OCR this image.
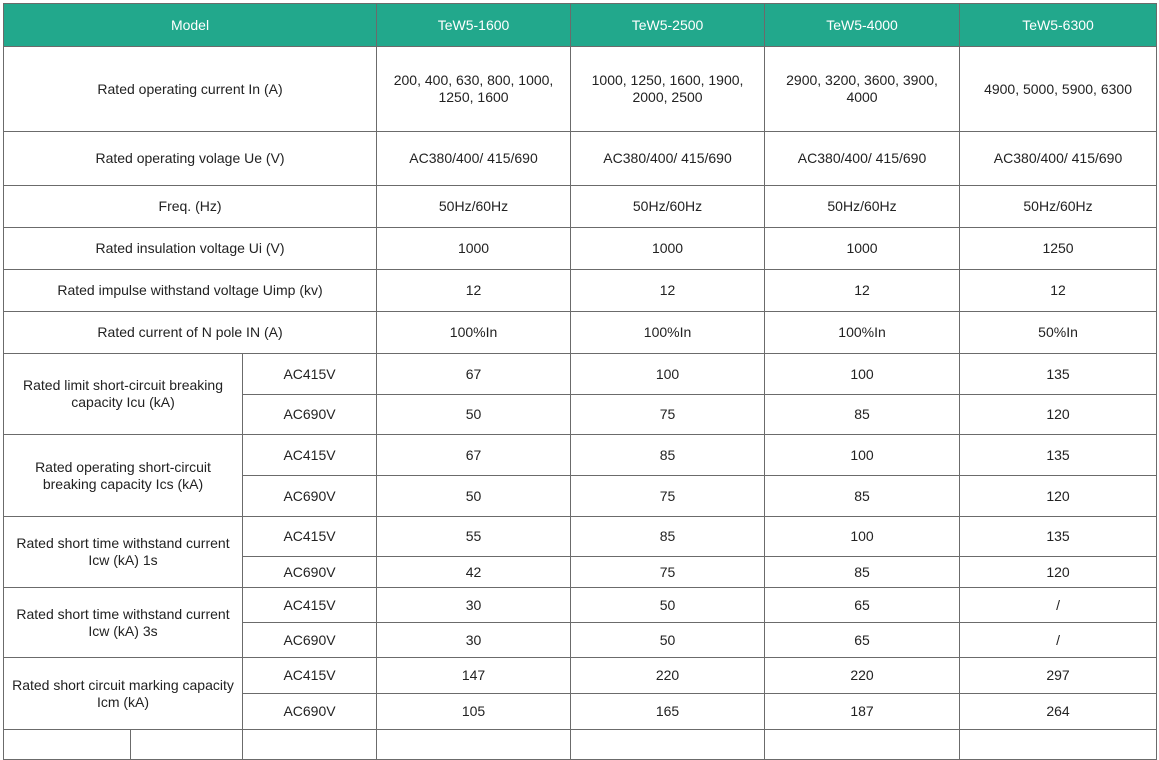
Model			TeW5-1600	TeW5-2500	TeW5-4000	TeW5-6300
Rated operating current In (A)			200, 400, 630, 800, 1000, 1250, 1600	1000, 1250, 1600, 1900, 2000, 2500	2900, 3200, 3600, 3900, 4000	4900, 5000, 5900, 6300
Rated operating volage Ue (V)			AC380/400/ 415/690	AC380/400/ 415/690	AC380/400/ 415/690	AC380/400/ 415/690
Freq. (Hz)			50Hz/60Hz	50Hz/60Hz	50Hz/60Hz	50Hz/60Hz
Rated insulation voltage Ui (V)			1000	1000	1000	1250
Rated impulse withstand voltage Uimp (kv)			12	12	12	12
Rated current of N pole IN (A)			100%In	100%In	100%In	50%In
Rated limit short-circuit breaking capacity Icu (kA)		AC415V	67	100	100	135
		AC690V	50	75	85	120
Rated operating short-circuit breaking capacity Ics (kA)		AC415V	67	85	100	135
		AC690V	50	75	85	120
Rated short time withstand current Icw (kA) 1s		AC415V	55	85	100	135
		AC690V	42	75	85	120
Rated short time withstand current Icw (kA) 3s		AC415V	30	50	65	/
		AC690V	30	50	65	/
Rated short circuit marking capacity Icm (kA)		AC415V	147	220	220	297
		AC690V	105	165	187	264
